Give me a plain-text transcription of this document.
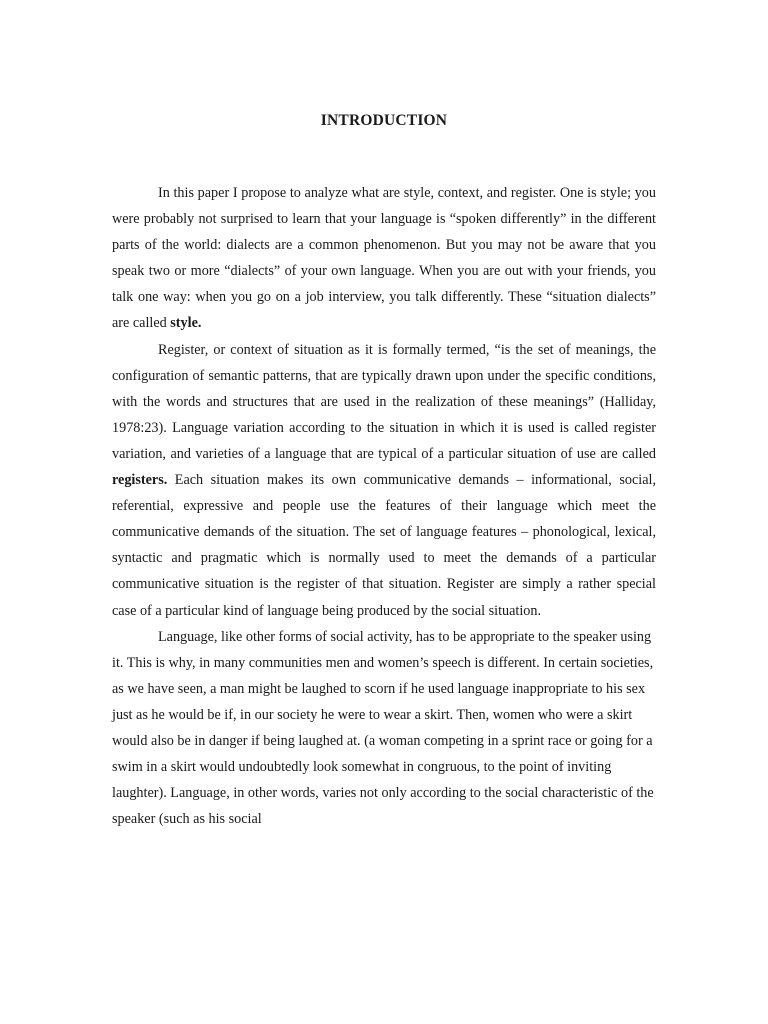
INTRODUCTION

In this paper I propose to analyze what are style, context, and register. One is style; you were probably not surprised to learn that your language is “spoken differently” in the different parts of the world: dialects are a common phenomenon. But you may not be aware that you speak two or more “dialects” of your own language. When you are out with your friends, you talk one way: when you go on a job interview, you talk differently. These “situation dialects” are called style.

Register, or context of situation as it is formally termed, “is the set of meanings, the configuration of semantic patterns, that are typically drawn upon under the specific conditions, with the words and structures that are used in the realization of these meanings” (Halliday, 1978:23). Language variation according to the situation in which it is used is called register variation, and varieties of a language that are typical of a particular situation of use are called registers. Each situation makes its own communicative demands – informational, social, referential, expressive and people use the features of their language which meet the communicative demands of the situation. The set of language features – phonological, lexical, syntactic and pragmatic which is normally used to meet the demands of a particular communicative situation is the register of that situation. Register are simply a rather special case of a particular kind of language being produced by the social situation.

Language, like other forms of social activity, has to be appropriate to the speaker using it. This is why, in many communities men and women’s speech is different. In certain societies, as we have seen, a man might be laughed to scorn if he used language inappropriate to his sex just as he would be if, in our society he were to wear a skirt. Then, women who were a skirt would also be in danger if being laughed at. (a woman competing in a sprint race or going for a swim in a skirt would undoubtedly look somewhat in congruous, to the point of inviting laughter). Language, in other words, varies not only according to the social characteristic of the speaker (such as his social
